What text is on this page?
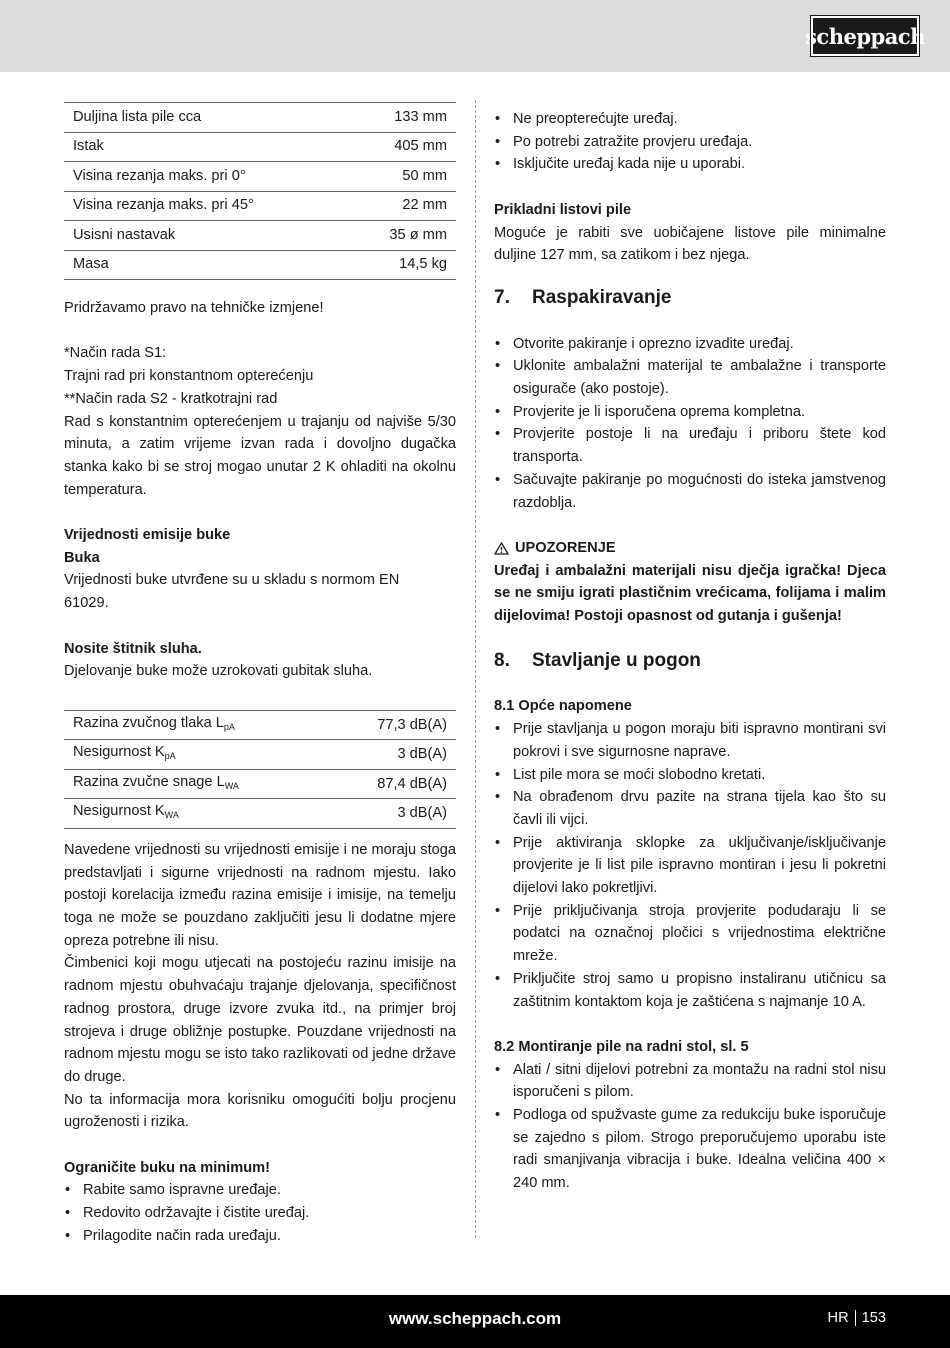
scheppach
Duljina lista pile cca	133 mm
Istak	405 mm
Visina rezanja maks. pri 0°	50 mm
Visina rezanja maks. pri 45°	22 mm
Usisni nastavak	35 ø mm
Masa	14,5 kg

Pridržavamo pravo na tehničke izmjene!

*Način rada S1:

Trajni rad pri konstantnom opterećenju

**Način rada S2 - kratkotrajni rad

Rad s konstantnim opterećenjem u trajanju od najviše 5/30 minuta, a zatim vrijeme izvan rada i dovoljno dugačka stanka kako bi se stroj mogao unutar 2 K ohladiti na okolnu temperatura.

Vrijednosti emisije buke

Buka

Vrijednosti buke utvrđene su u skladu s normom EN 61029.

Nosite štitnik sluha.

Djelovanje buke može uzrokovati gubitak sluha.

Razina zvučnog tlaka $L_{pA}$	77,3 dB(A)
Nesigurnost $K_{pA}$	3 dB(A)
Razina zvučne snage $L_{WA}$	87,4 dB(A)
Nesigurnost $K_{WA}$	3 dB(A)

Navedene vrijednosti su vrijednosti emisije i ne moraju stoga predstavljati i sigurne vrijednosti na radnom mjestu. Iako postoji korelacija između razina emisije i imisije, na temelju toga ne može se pouzdano zaključiti jesu li dodatne mjere opreza potrebne ili nisu.

Čimbenici koji mogu utjecati na postojeću razinu imisije na radnom mjestu obuhvaćaju trajanje djelovanja, specifičnost radnog prostora, druge izvore zvuka itd., na primjer broj strojeva i druge obližnje postupke. Pouzdane vrijednosti na radnom mjestu mogu se isto tako razlikovati od jedne države do druge.

No ta informacija mora korisniku omogućiti bolju procjenu ugroženosti i rizika.

Ograničite buku na minimum!

• Rabite samo ispravne uređaje.
• Redovito održavajte i čistite uređaj.
• Prilagodite način rada uređaju.
• Ne preopterećujte uređaj.
• Po potrebi zatražite provjeru uređaja.
• Isključite uređaj kada nije u uporabi.

Prikladni listovi pile

Moguće je rabiti sve uobičajene listove pile minimalne duljine 127 mm, sa zatikom i bez njega.

7.	Raspakiravanje
• Otvorite pakiranje i oprezno izvadite uređaj.
• Uklonite ambalažni materijal te ambalažne i transporte osigurače (ako postoje).
• Provjerite je li isporučena oprema kompletna.
• Provjerite postoje li na uređaju i priboru štete kod transporta.
• Sačuvajte pakiranje po mogućnosti do isteka jamstvenog razdoblja.
UPOZORENJE

Uređaj i ambalažni materijali nisu dječja igračka! Djeca se ne smiju igrati plastičnim vrećicama, folijama i malim dijelovima! Postoji opasnost od gutanja i gušenja!

8.	Stavljanje u pogon

8.1 Opće napomene

• Prije stavljanja u pogon moraju biti ispravno montirani svi pokrovi i sve sigurnosne naprave.
• List pile mora se moći slobodno kretati.
• Na obrađenom drvu pazite na strana tijela kao što su čavli ili vijci.
• Prije aktiviranja sklopke za uključivanje/isključivanje provjerite je li list pile ispravno montiran i jesu li pokretni dijelovi lako pokretljivi.
• Prije priključivanja stroja provjerite podudaraju li se podatci na označnoj pločici s vrijednostima električne mreže.
• Priključite stroj samo u propisno instaliranu utičnicu sa zaštitnim kontaktom koja je zaštićena s najmanje 10 A.

8.2 Montiranje pile na radni stol, sl. 5

• Alati / sitni dijelovi potrebni za montažu na radni stol nisu isporučeni s pilom.
• Podloga od spužvaste gume za redukciju buke isporučuje se zajedno s pilom. Strogo preporučujemo uporabu iste radi smanjivanja vibracija i buke. Idealna veličina 400 × 240 mm.
www.scheppach.com	HR 153
